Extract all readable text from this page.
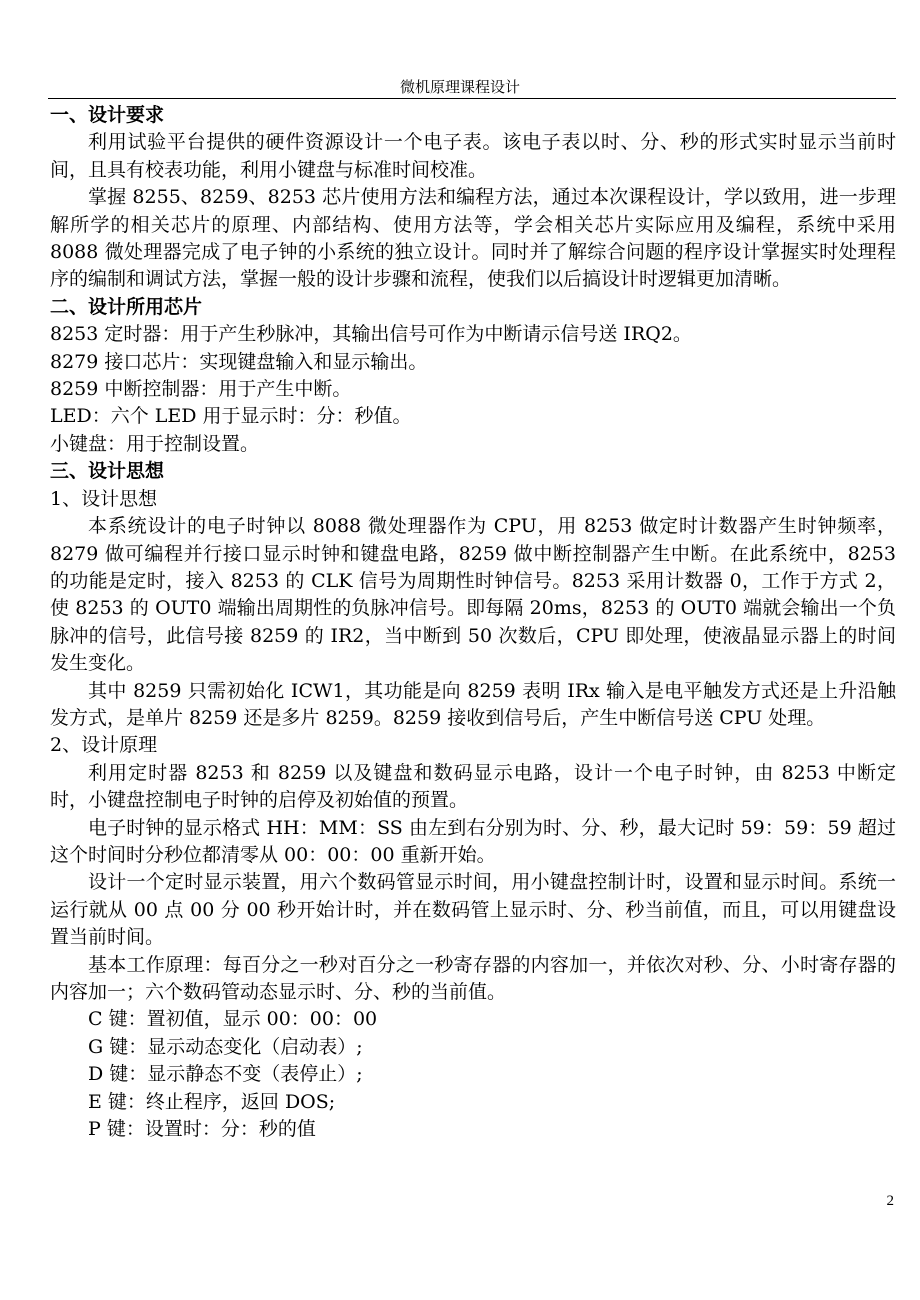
微机原理课程设计

一、设计要求

利用试验平台提供的硬件资源设计一个电子表。该电子表以时、分、秒的形式实时显示当前时间，且具有校表功能，利用小键盘与标准时间校准。

掌握 8255、8259、8253 芯片使用方法和编程方法，通过本次课程设计，学以致用，进一步理解所学的相关芯片的原理、内部结构、使用方法等，学会相关芯片实际应用及编程，系统中采用 8088 微处理器完成了电子钟的小系统的独立设计。同时并了解综合问题的程序设计掌握实时处理程序的编制和调试方法，掌握一般的设计步骤和流程，使我们以后搞设计时逻辑更加清晰。

二、设计所用芯片

8253 定时器：用于产生秒脉冲，其输出信号可作为中断请示信号送 IRQ2。

8279 接口芯片：实现键盘输入和显示输出。

8259 中断控制器：用于产生中断。

LED：六个 LED 用于显示时：分：秒值。

小键盘：用于控制设置。

三、设计思想

1、设计思想

本系统设计的电子时钟以 8088 微处理器作为 CPU，用 8253 做定时计数器产生时钟频率，8279 做可编程并行接口显示时钟和键盘电路，8259 做中断控制器产生中断。在此系统中，8253 的功能是定时，接入 8253 的 CLK 信号为周期性时钟信号。8253 采用计数器 0，工作于方式 2，使 8253 的 OUT0 端输出周期性的负脉冲信号。即每隔 20ms，8253 的 OUT0 端就会输出一个负脉冲的信号，此信号接 8259 的 IR2，当中断到 50 次数后，CPU 即处理，使液晶显示器上的时间发生变化。

其中 8259 只需初始化 ICW1，其功能是向 8259 表明 IRx 输入是电平触发方式还是上升沿触发方式，是单片 8259 还是多片 8259。8259 接收到信号后，产生中断信号送 CPU 处理。

2、设计原理

利用定时器 8253 和 8259 以及键盘和数码显示电路，设计一个电子时钟，由 8253 中断定时，小键盘控制电子时钟的启停及初始值的预置。

电子时钟的显示格式 HH：MM：SS 由左到右分别为时、分、秒，最大记时 59：59：59 超过这个时间时分秒位都清零从 00：00：00 重新开始。

设计一个定时显示装置，用六个数码管显示时间，用小键盘控制计时，设置和显示时间。系统一运行就从 00 点 00 分 00 秒开始计时，并在数码管上显示时、分、秒当前值，而且，可以用键盘设置当前时间。

基本工作原理：每百分之一秒对百分之一秒寄存器的内容加一，并依次对秒、分、小时寄存器的内容加一；六个数码管动态显示时、分、秒的当前值。

C 键：置初值，显示 00：00：00

G 键：显示动态变化（启动表）;

D 键：显示静态不变（表停止）;

E 键：终止程序，返回 DOS;

P 键：设置时：分：秒的值

2
